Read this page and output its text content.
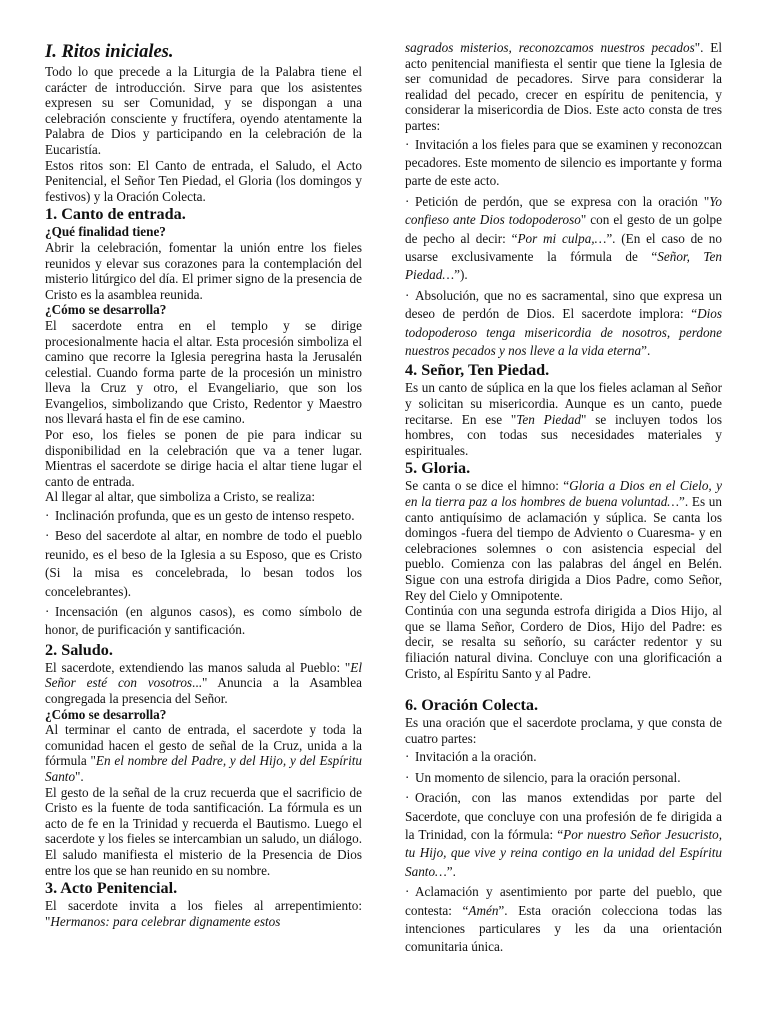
I. Ritos iniciales.

Todo lo que precede a la Liturgia de la Palabra tiene el carácter de introducción. Sirve para que los asistentes expresen su ser Comunidad, y se dispongan a una celebración consciente y fructífera, oyendo atentamente la Palabra de Dios y participando en la celebración de la Eucaristía.

Estos ritos son: El Canto de entrada, el Saludo, el Acto Penitencial, el Señor Ten Piedad, el Gloria (los domingos y festivos) y la Oración Colecta.

1. Canto de entrada.
¿Qué finalidad tiene?

Abrir la celebración, fomentar la unión entre los fieles reunidos y elevar sus corazones para la contemplación del misterio litúrgico del día. El primer signo de la presencia de Cristo es la asamblea reunida.

¿Cómo se desarrolla?

El sacerdote entra en el templo y se dirige procesionalmente hacia el altar. Esta procesión simboliza el camino que recorre la Iglesia peregrina hasta la Jerusalén celestial. Cuando forma parte de la procesión un ministro lleva la Cruz y otro, el Evangeliario, que son los Evangelios, simbolizando que Cristo, Redentor y Maestro nos llevará hasta el fin de ese camino.

Por eso, los fieles se ponen de pie para indicar su disponibilidad en la celebración que va a tener lugar. Mientras el sacerdote se dirige hacia el altar tiene lugar el canto de entrada.

Al llegar al altar, que simboliza a Cristo, se realiza:

· Inclinación profunda, que es un gesto de intenso respeto.

· Beso del sacerdote al altar, en nombre de todo el pueblo reunido, es el beso de la Iglesia a su Esposo, que es Cristo (Si la misa es concelebrada, lo besan todos los concelebrantes).

· Incensación (en algunos casos), es como símbolo de honor, de purificación y santificación.

2. Saludo.

El sacerdote, extendiendo las manos saluda al Pueblo: "El Señor esté con vosotros..." Anuncia a la Asamblea congregada la presencia del Señor.

¿Cómo se desarrolla?

Al terminar el canto de entrada, el sacerdote y toda la comunidad hacen el gesto de señal de la Cruz, unida a la fórmula "En el nombre del Padre, y del Hijo, y del Espíritu Santo".

El gesto de la señal de la cruz recuerda que el sacrificio de Cristo es la fuente de toda santificación. La fórmula es un acto de fe en la Trinidad y recuerda el Bautismo. Luego el sacerdote y los fieles se intercambian un saludo, un diálogo. El saludo manifiesta el misterio de la Presencia de Dios entre los que se han reunido en su nombre.

3. Acto Penitencial.

El sacerdote invita a los fieles al arrepentimiento: "Hermanos: para celebrar dignamente estos

sagrados misterios, reconozcamos nuestros pecados". El acto penitencial manifiesta el sentir que tiene la Iglesia de ser comunidad de pecadores. Sirve para considerar la realidad del pecado, crecer en espíritu de penitencia, y considerar la misericordia de Dios. Este acto consta de tres partes:

· Invitación a los fieles para que se examinen y reconozcan pecadores. Este momento de silencio es importante y forma parte de este acto.

· Petición de perdón, que se expresa con la oración "Yo confieso ante Dios todopoderoso" con el gesto de un golpe de pecho al decir: “Por mi culpa,…”. (En el caso de no usarse exclusivamente la fórmula de “Señor, Ten Piedad…”).

· Absolución, que no es sacramental, sino que expresa un deseo de perdón de Dios. El sacerdote implora: “Dios todopoderoso tenga misericordia de nosotros, perdone nuestros pecados y nos lleve a la vida eterna”.

4. Señor, Ten Piedad.

Es un canto de súplica en la que los fieles aclaman al Señor y solicitan su misericordia. Aunque es un canto, puede recitarse. En ese "Ten Piedad" se incluyen todos los hombres, con todas sus necesidades materiales y espirituales.

5. Gloria.

Se canta o se dice el himno: “Gloria a Dios en el Cielo, y en la tierra paz a los hombres de buena voluntad…”. Es un canto antiquísimo de aclamación y súplica. Se canta los domingos -fuera del tiempo de Adviento o Cuaresma- y en celebraciones solemnes o con asistencia especial del pueblo. Comienza con las palabras del ángel en Belén. Sigue con una estrofa dirigida a Dios Padre, como Señor, Rey del Cielo y Omnipotente.

Continúa con una segunda estrofa dirigida a Dios Hijo, al que se llama Señor, Cordero de Dios, Hijo del Padre: es decir, se resalta su señorío, su carácter redentor y su filiación natural divina. Concluye con una glorificación a Cristo, al Espíritu Santo y al Padre.

6. Oración Colecta.

Es una oración que el sacerdote proclama, y que consta de cuatro partes:

· Invitación a la oración.

· Un momento de silencio, para la oración personal.

· Oración, con las manos extendidas por parte del Sacerdote, que concluye con una profesión de fe dirigida a la Trinidad, con la fórmula: “Por nuestro Señor Jesucristo, tu Hijo, que vive y reina contigo en la unidad del Espíritu Santo…”.

· Aclamación y asentimiento por parte del pueblo, que contesta: “Amén”. Esta oración colecciona todas las intenciones particulares y les da una orientación comunitaria única.
